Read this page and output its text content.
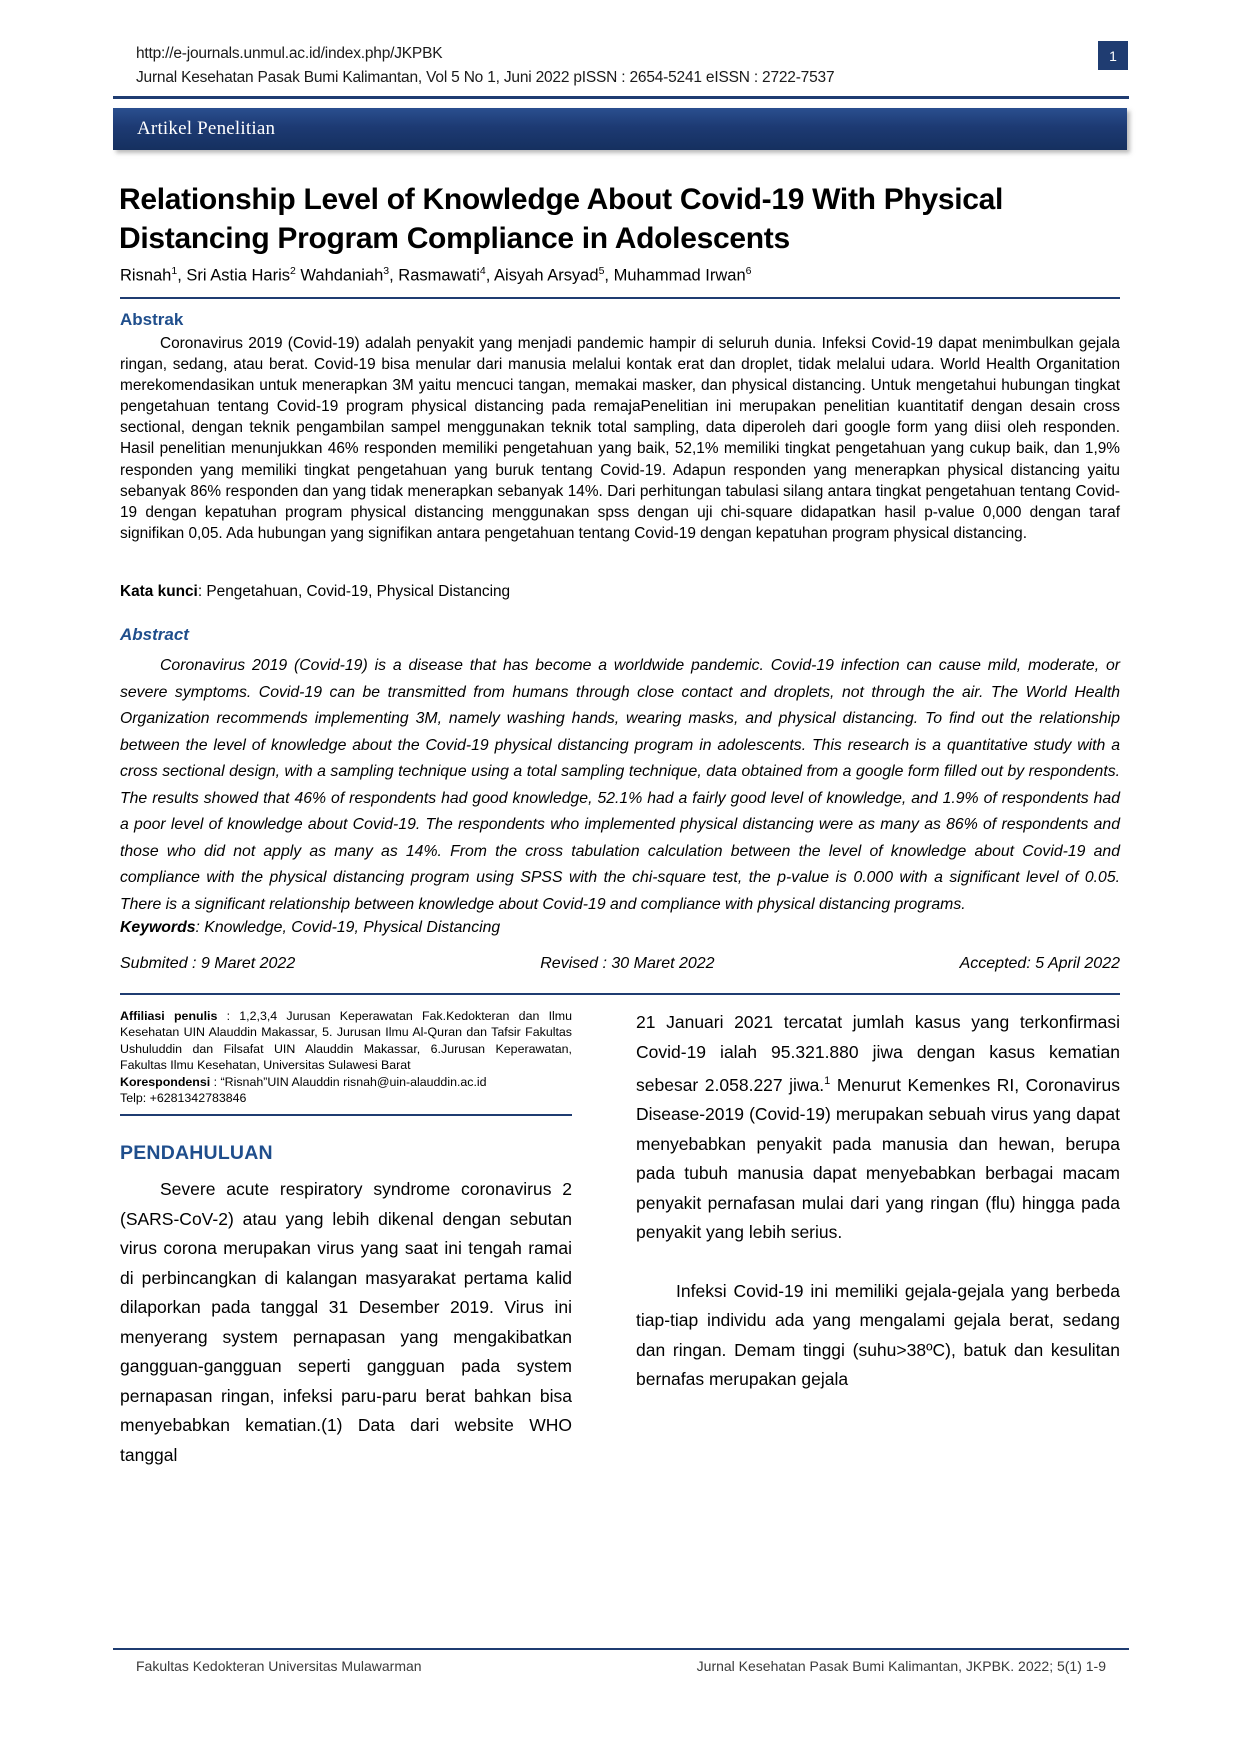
http://e-journals.unmul.ac.id/index.php/JKPBK
Jurnal Kesehatan Pasak Bumi Kalimantan, Vol 5 No 1, Juni 2022 pISSN : 2654-5241 eISSN : 2722-7537
1
Artikel Penelitian
Relationship Level of Knowledge About Covid-19 With Physical Distancing Program Compliance in Adolescents
Risnah$^1$, Sri Astia Haris$^2$ Wahdaniah$^3$, Rasmawati$^4$, Aisyah Arsyad$^5$, Muhammad Irwan$^6$
Abstrak
Coronavirus 2019 (Covid-19) adalah penyakit yang menjadi pandemic hampir di seluruh dunia. Infeksi Covid-19 dapat menimbulkan gejala ringan, sedang, atau berat. Covid-19 bisa menular dari manusia melalui kontak erat dan droplet, tidak melalui udara. World Health Organitation merekomendasikan untuk menerapkan 3M yaitu mencuci tangan, memakai masker, dan physical distancing. Untuk mengetahui hubungan tingkat pengetahuan tentang Covid-19 program physical distancing pada remajaPenelitian ini merupakan penelitian kuantitatif dengan desain cross sectional, dengan teknik pengambilan sampel menggunakan teknik total sampling, data diperoleh dari google form yang diisi oleh responden. Hasil penelitian menunjukkan 46% responden memiliki pengetahuan yang baik, 52,1% memiliki tingkat pengetahuan yang cukup baik, dan 1,9% responden yang memiliki tingkat pengetahuan yang buruk tentang Covid-19. Adapun responden yang menerapkan physical distancing yaitu sebanyak 86% responden dan yang tidak menerapkan sebanyak 14%. Dari perhitungan tabulasi silang antara tingkat pengetahuan tentang Covid-19 dengan kepatuhan program physical distancing menggunakan spss dengan uji chi-square didapatkan hasil p-value 0,000 dengan taraf signifikan 0,05. Ada hubungan yang signifikan antara pengetahuan tentang Covid-19 dengan kepatuhan program physical distancing.
Kata kunci: Pengetahuan, Covid-19, Physical Distancing
Abstract
Coronavirus 2019 (Covid-19) is a disease that has become a worldwide pandemic. Covid-19 infection can cause mild, moderate, or severe symptoms. Covid-19 can be transmitted from humans through close contact and droplets, not through the air. The World Health Organization recommends implementing 3M, namely washing hands, wearing masks, and physical distancing. To find out the relationship between the level of knowledge about the Covid-19 physical distancing program in adolescents. This research is a quantitative study with a cross sectional design, with a sampling technique using a total sampling technique, data obtained from a google form filled out by respondents. The results showed that 46% of respondents had good knowledge, 52.1% had a fairly good level of knowledge, and 1.9% of respondents had a poor level of knowledge about Covid-19. The respondents who implemented physical distancing were as many as 86% of respondents and those who did not apply as many as 14%. From the cross tabulation calculation between the level of knowledge about Covid-19 and compliance with the physical distancing program using SPSS with the chi-square test, the p-value is 0.000 with a significant level of 0.05. There is a significant relationship between knowledge about Covid-19 and compliance with physical distancing programs.
Keywords: Knowledge, Covid-19, Physical Distancing
Submited : 9 Maret 2022	Revised : 30 Maret 2022	Accepted: 5 April 2022
Affiliasi penulis : 1,2,3,4 Jurusan Keperawatan Fak.Kedokteran dan Ilmu Kesehatan UIN Alauddin Makassar, 5. Jurusan Ilmu Al-Quran dan Tafsir Fakultas Ushuluddin dan Filsafat UIN Alauddin Makassar, 6.Jurusan Keperawatan, Fakultas Ilmu Kesehatan, Universitas Sulawesi Barat
Korespondensi : “Risnah”UIN Alauddin risnah@uin-alauddin.ac.id
Telp: +6281342783846
PENDAHULUAN

Severe acute respiratory syndrome coronavirus 2 (SARS-CoV-2) atau yang lebih dikenal dengan sebutan virus corona merupakan virus yang saat ini tengah ramai di perbincangkan di kalangan masyarakat pertama kalid dilaporkan pada tanggal 31 Desember 2019. Virus ini menyerang system pernapasan yang mengakibatkan gangguan-gangguan seperti gangguan pada system pernapasan ringan, infeksi paru-paru berat bahkan bisa menyebabkan kematian.(1) Data dari website WHO tanggal

21 Januari 2021 tercatat jumlah kasus yang terkonfirmasi Covid-19 ialah 95.321.880 jiwa dengan kasus kematian sebesar 2.058.227 jiwa.$^1$ Menurut Kemenkes RI, Coronavirus Disease-2019 (Covid-19) merupakan sebuah virus yang dapat menyebabkan penyakit pada manusia dan hewan, berupa pada tubuh manusia dapat menyebabkan berbagai macam penyakit pernafasan mulai dari yang ringan (flu) hingga pada penyakit yang lebih serius.

Infeksi Covid-19 ini memiliki gejala-gejala yang berbeda tiap-tiap individu ada yang mengalami gejala berat, sedang dan ringan. Demam tinggi (suhu>38ºC), batuk dan kesulitan bernafas merupakan gejala

Fakultas Kedokteran Universitas Mulawarman	Jurnal Kesehatan Pasak Bumi Kalimantan, JKPBK. 2022; 5(1) 1-9
